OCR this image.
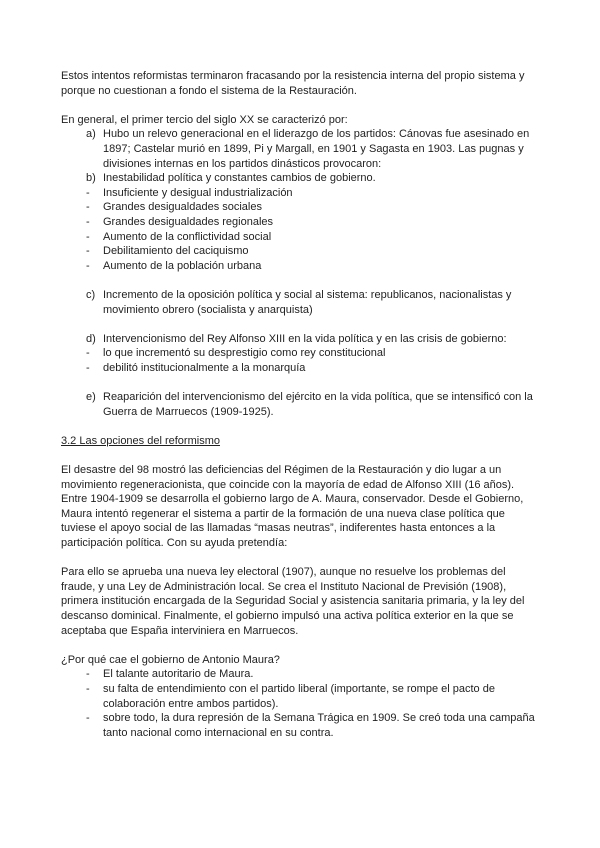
Estos intentos reformistas terminaron fracasando por la resistencia interna del propio sistema y porque no cuestionan a fondo el sistema de la Restauración.

En general, el primer tercio del siglo XX se caracterizó por:

a) Hubo un relevo generacional en el liderazgo de los partidos: Cánovas fue asesinado en 1897; Castelar murió en 1899, Pi y Margall, en 1901 y Sagasta en 1903. Las pugnas y divisiones internas en los partidos dinásticos provocaron:
b) Inestabilidad política y constantes cambios de gobierno.
- Insuficiente y desigual industrialización
- Grandes desigualdades sociales
- Grandes desigualdades regionales
- Aumento de la conflictividad social
- Debilitamiento del caciquismo
- Aumento de la población urbana
c) Incremento de la oposición política y social al sistema: republicanos, nacionalistas y movimiento obrero (socialista y anarquista)
d) Intervencionismo del Rey Alfonso XIII en la vida política y en las crisis de gobierno:
- lo que incrementó su desprestigio como rey constitucional
- debilitó institucionalmente a la monarquía
e) Reaparición del intervencionismo del ejército en la vida política, que se intensificó con la Guerra de Marruecos (1909-1925).

3.2 Las opciones del reformismo

El desastre del 98 mostró las deficiencias del Régimen de la Restauración y dio lugar a un movimiento regeneracionista, que coincide con la mayoría de edad de Alfonso XIII (16 años).

Entre 1904-1909 se desarrolla el gobierno largo de A. Maura, conservador. Desde el Gobierno, Maura intentó regenerar el sistema a partir de la formación de una nueva clase política que tuviese el apoyo social de las llamadas “masas neutras”, indiferentes hasta entonces a la participación política. Con su ayuda pretendía:

Para ello se aprueba una nueva ley electoral (1907), aunque no resuelve los problemas del fraude, y una Ley de Administración local. Se crea el Instituto Nacional de Previsión (1908), primera institución encargada de la Seguridad Social y asistencia sanitaria primaria, y la ley del descanso dominical. Finalmente, el gobierno impulsó una activa política exterior en la que se aceptaba que España interviniera en Marruecos.

¿Por qué cae el gobierno de Antonio Maura?

- El talante autoritario de Maura.
- su falta de entendimiento con el partido liberal (importante, se rompe el pacto de colaboración entre ambos partidos).
- sobre todo, la dura represión de la Semana Trágica en 1909. Se creó toda una campaña tanto nacional como internacional en su contra.
